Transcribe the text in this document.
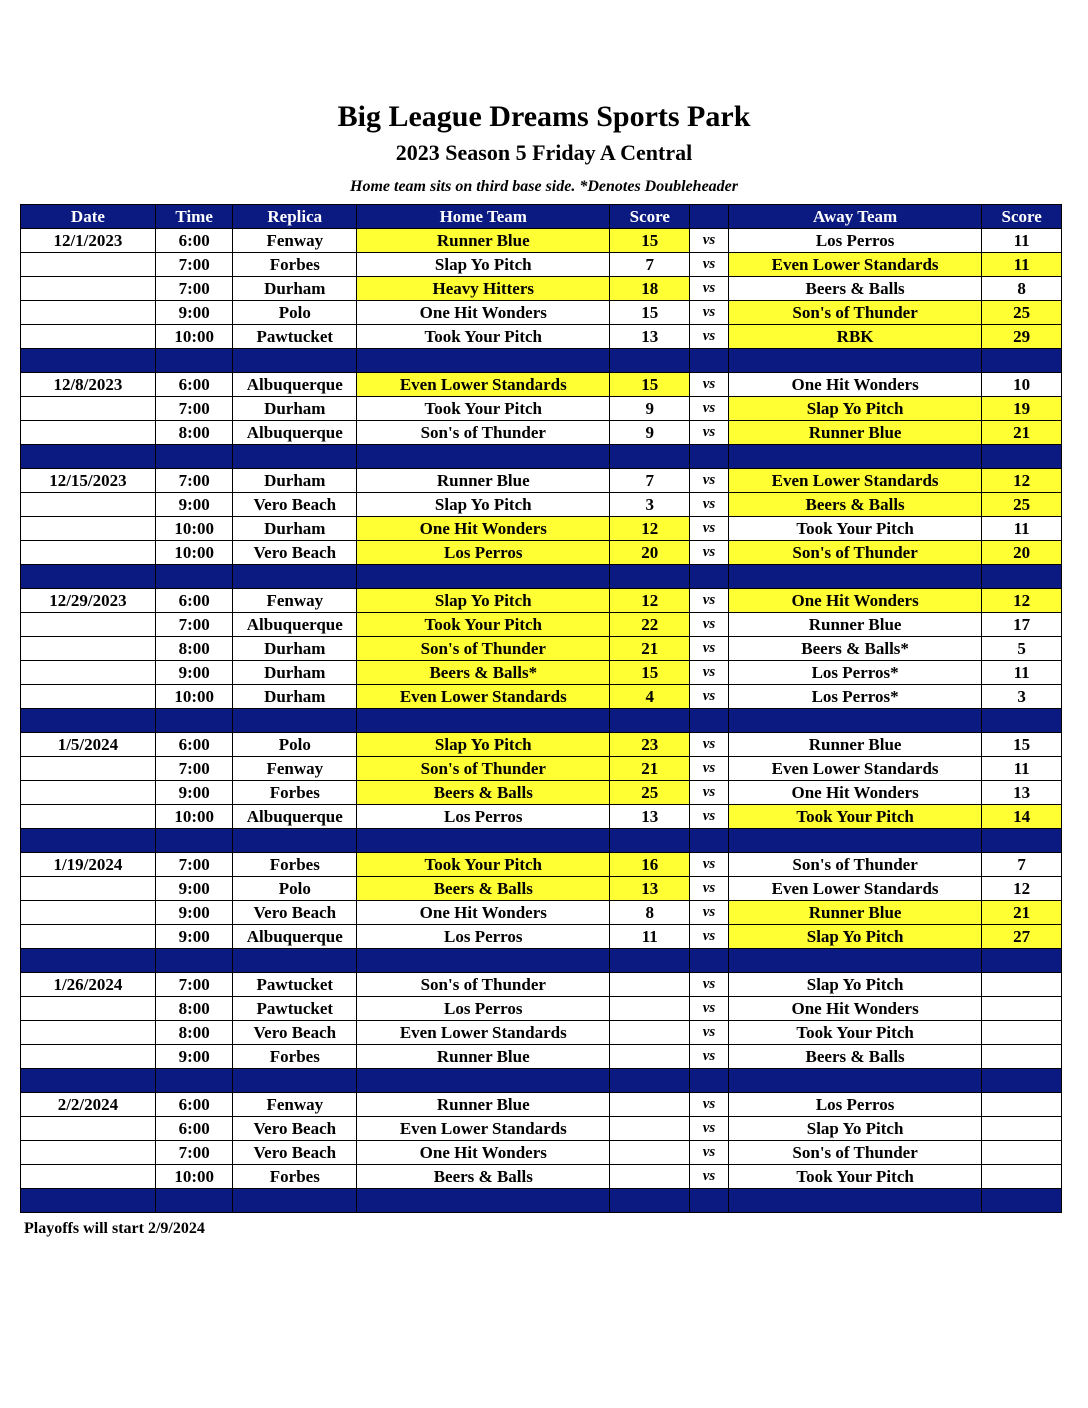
Big League Dreams Sports Park
2023 Season 5 Friday A Central

Home team sits on third base side. *Denotes Doubleheader

Date	Time	Replica	Home Team	Score		Away Team	Score
12/1/2023	6:00	Fenway	Runner Blue	15	vs	Los Perros	11
	7:00	Forbes	Slap Yo Pitch	7	vs	Even Lower Standards	11
	7:00	Durham	Heavy Hitters	18	vs	Beers & Balls	8
	9:00	Polo	One Hit Wonders	15	vs	Son's of Thunder	25
	10:00	Pawtucket	Took Your Pitch	13	vs	RBK	29

12/8/2023	6:00	Albuquerque	Even Lower Standards	15	vs	One Hit Wonders	10
	7:00	Durham	Took Your Pitch	9	vs	Slap Yo Pitch	19
	8:00	Albuquerque	Son's of Thunder	9	vs	Runner Blue	21

12/15/2023	7:00	Durham	Runner Blue	7	vs	Even Lower Standards	12
	9:00	Vero Beach	Slap Yo Pitch	3	vs	Beers & Balls	25
	10:00	Durham	One Hit Wonders	12	vs	Took Your Pitch	11
	10:00	Vero Beach	Los Perros	20	vs	Son's of Thunder	20

12/29/2023	6:00	Fenway	Slap Yo Pitch	12	vs	One Hit Wonders	12
	7:00	Albuquerque	Took Your Pitch	22	vs	Runner Blue	17
	8:00	Durham	Son's of Thunder	21	vs	Beers & Balls*	5
	9:00	Durham	Beers & Balls*	15	vs	Los Perros*	11
	10:00	Durham	Even Lower Standards	4	vs	Los Perros*	3

1/5/2024	6:00	Polo	Slap Yo Pitch	23	vs	Runner Blue	15
	7:00	Fenway	Son's of Thunder	21	vs	Even Lower Standards	11
	9:00	Forbes	Beers & Balls	25	vs	One Hit Wonders	13
	10:00	Albuquerque	Los Perros	13	vs	Took Your Pitch	14

1/19/2024	7:00	Forbes	Took Your Pitch	16	vs	Son's of Thunder	7
	9:00	Polo	Beers & Balls	13	vs	Even Lower Standards	12
	9:00	Vero Beach	One Hit Wonders	8	vs	Runner Blue	21
	9:00	Albuquerque	Los Perros	11	vs	Slap Yo Pitch	27

1/26/2024	7:00	Pawtucket	Son's of Thunder		vs	Slap Yo Pitch	
	8:00	Pawtucket	Los Perros		vs	One Hit Wonders	
	8:00	Vero Beach	Even Lower Standards		vs	Took Your Pitch	
	9:00	Forbes	Runner Blue		vs	Beers & Balls	

2/2/2024	6:00	Fenway	Runner Blue		vs	Los Perros	
	6:00	Vero Beach	Even Lower Standards		vs	Slap Yo Pitch	
	7:00	Vero Beach	One Hit Wonders		vs	Son's of Thunder	
	10:00	Forbes	Beers & Balls		vs	Took Your Pitch	

Playoffs will start 2/9/2024
